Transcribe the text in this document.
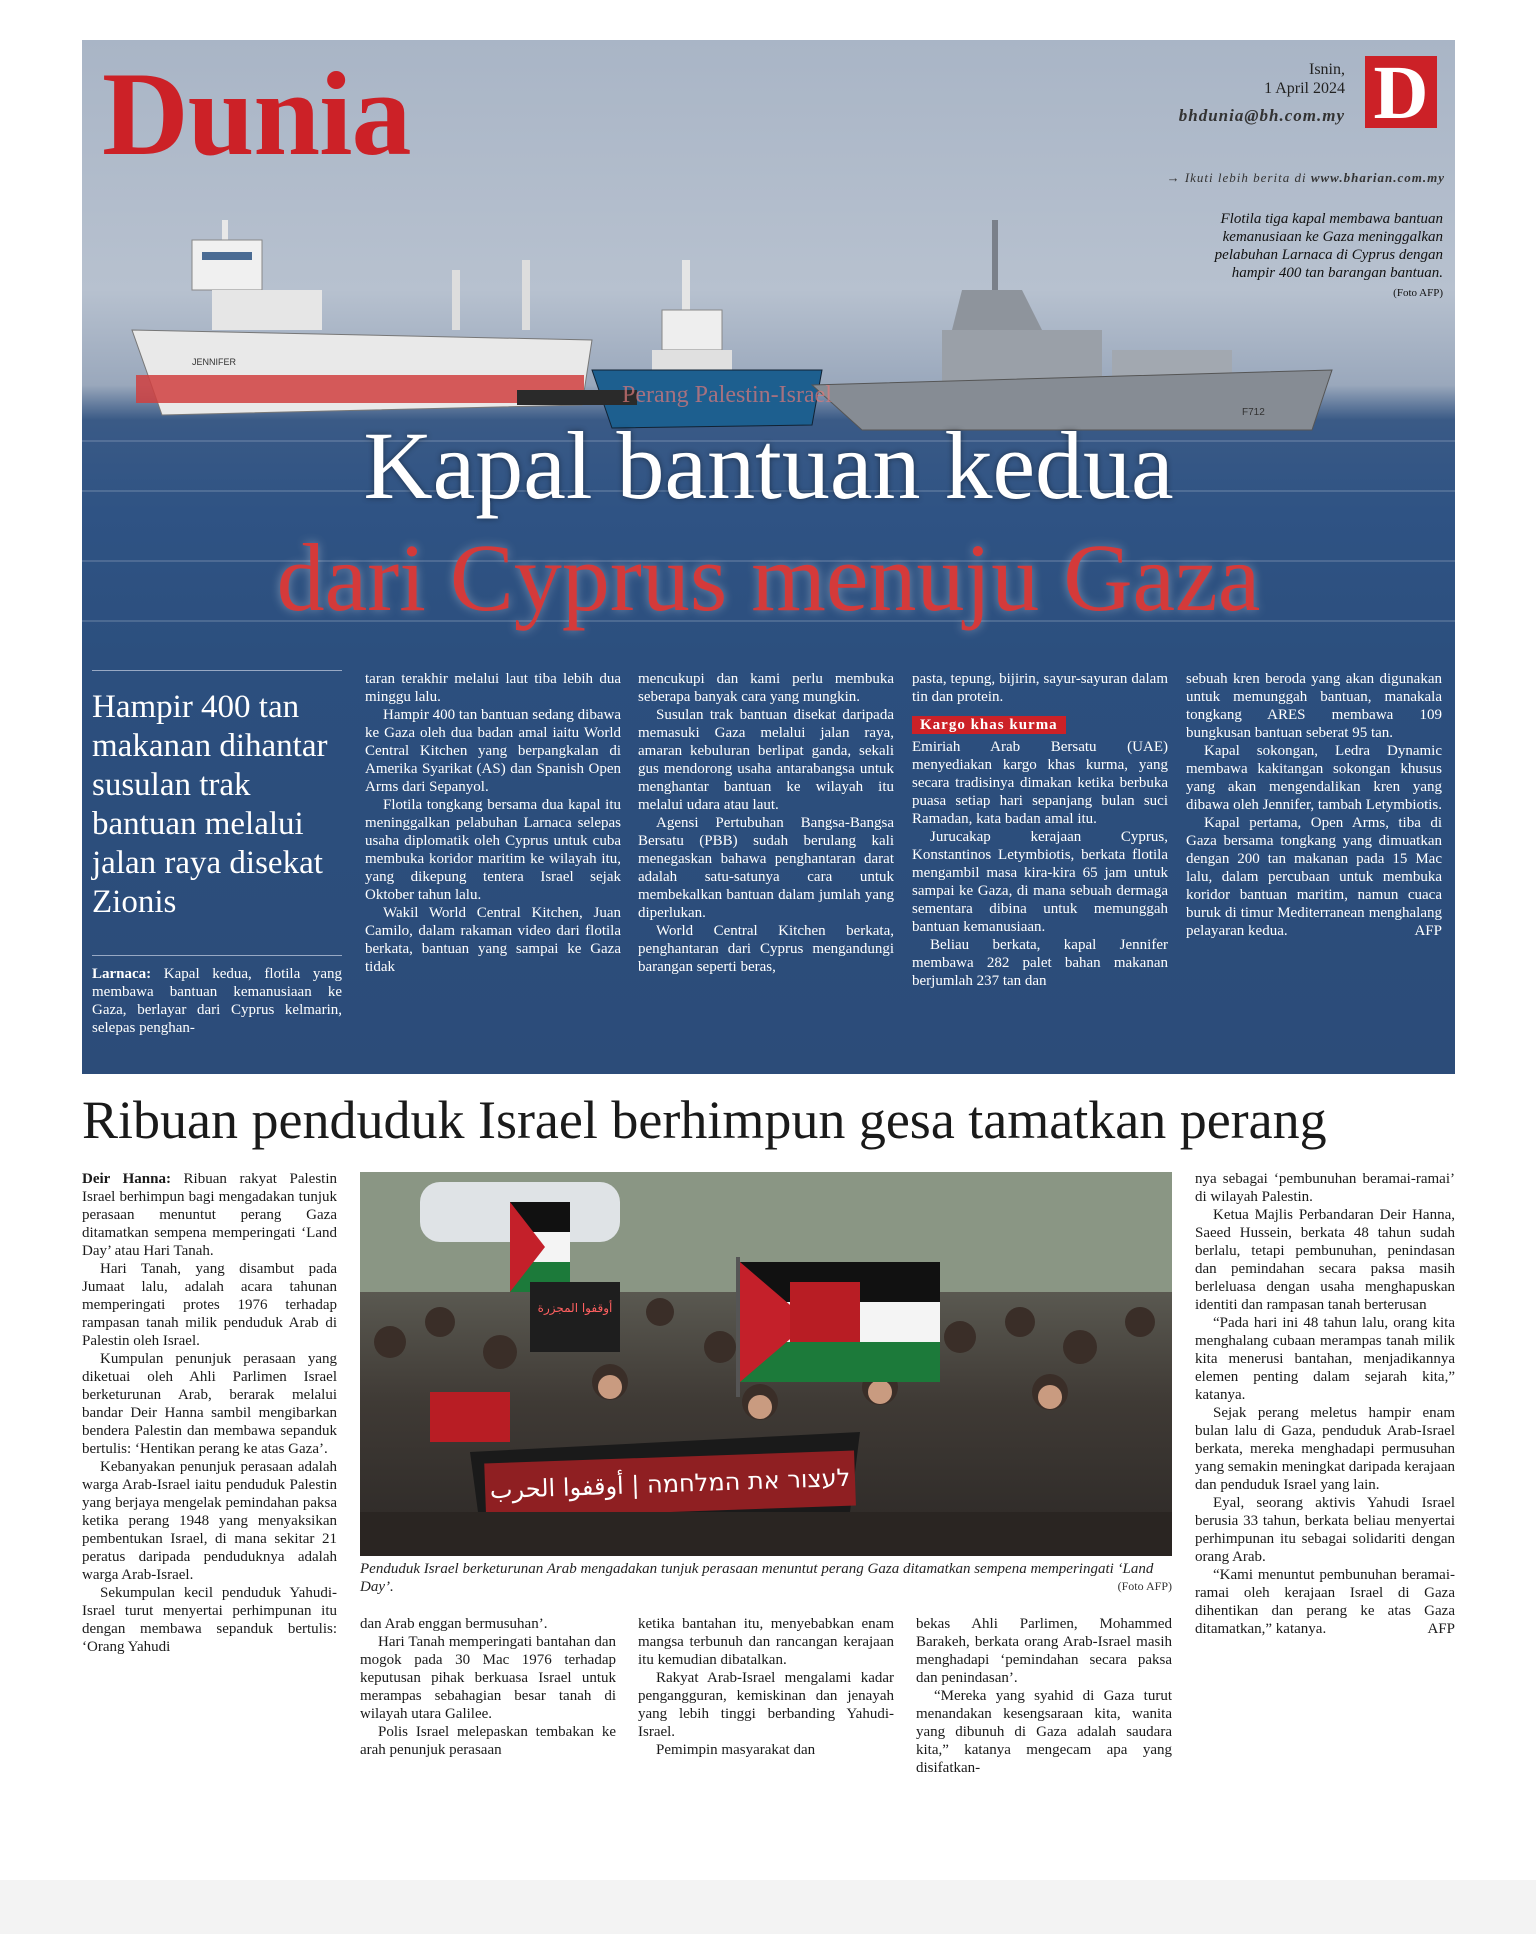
JENNIFER
F712
Dunia	Isnin,
1 April 2024
bhdunia@bh.com.my D
→ Ikuti lebih berita di www.bharian.com.my
Flotila tiga kapal membawa bantuan kemanusiaan ke Gaza meninggalkan pelabuhan Larnaca di Cyprus dengan hampir 400 tan barangan bantuan.
(Foto AFP)
Perang Palestin-Israel
Kapal bantuan kedua
dari Cyprus menuju Gaza
Hampir 400 tan makanan dihantar susulan trak bantuan melalui jalan raya disekat Zionis

Larnaca: Kapal kedua, flotila yang membawa bantuan kemanusiaan ke Gaza, berlayar dari Cyprus kelmarin, selepas penghan-

taran terakhir melalui laut tiba lebih dua minggu lalu.

Hampir 400 tan bantuan sedang dibawa ke Gaza oleh dua badan amal iaitu World Central Kitchen yang berpangkalan di Amerika Syarikat (AS) dan Spanish Open Arms dari Sepanyol.

Flotila tongkang bersama dua kapal itu meninggalkan pelabuhan Larnaca selepas usaha diplomatik oleh Cyprus untuk cuba membuka koridor maritim ke wilayah itu, yang dikepung tentera Israel sejak Oktober tahun lalu.

Wakil World Central Kitchen, Juan Camilo, dalam rakaman video dari flotila berkata, bantuan yang sampai ke Gaza tidak

mencukupi dan kami perlu membuka seberapa banyak cara yang mungkin.

Susulan trak bantuan disekat daripada memasuki Gaza melalui jalan raya, amaran kebuluran berlipat ganda, sekali gus mendorong usaha antarabangsa untuk menghantar bantuan ke wilayah itu melalui udara atau laut.

Agensi Pertubuhan Bangsa-Bangsa Bersatu (PBB) sudah berulang kali menegaskan bahawa penghantaran darat adalah satu-satunya cara untuk membekalkan bantuan dalam jumlah yang diperlukan.

World Central Kitchen berkata, penghantaran dari Cyprus mengandungi barangan seperti beras,

pasta, tepung, bijirin, sayur-sayuran dalam tin dan protein.

Kargo khas kurma

Emiriah Arab Bersatu (UAE) menyediakan kargo khas kurma, yang secara tradisinya dimakan ketika berbuka puasa setiap hari sepanjang bulan suci Ramadan, kata badan amal itu.

Jurucakap kerajaan Cyprus, Konstantinos Letymbiotis, berkata flotila mengambil masa kira-kira 65 jam untuk sampai ke Gaza, di mana sebuah dermaga sementara dibina untuk memunggah bantuan kemanusiaan.

Beliau berkata, kapal Jennifer membawa 282 palet bahan makanan berjumlah 237 tan dan

sebuah kren beroda yang akan digunakan untuk memunggah bantuan, manakala tongkang ARES membawa 109 bungkusan bantuan seberat 95 tan.

Kapal sokongan, Ledra Dynamic membawa kakitangan sokongan khusus yang akan mengendalikan kren yang dibawa oleh Jennifer, tambah Letymbiotis.

Kapal pertama, Open Arms, tiba di Gaza bersama tongkang yang dimuatkan dengan 200 tan makanan pada 15 Mac lalu, dalam percubaan untuk membuka koridor bantuan maritim, namun cuaca buruk di timur Mediterranean menghalang pelayaran kedua.	AFP

Ribuan penduduk Israel berhimpun gesa tamatkan perang

Deir Hanna: Ribuan rakyat Palestin Israel berhimpun bagi mengadakan tunjuk perasaan menuntut perang Gaza ditamatkan sempena memperingati ‘Land Day’ atau Hari Tanah.

Hari Tanah, yang disambut pada Jumaat lalu, adalah acara tahunan memperingati protes 1976 terhadap rampasan tanah milik penduduk Arab di Palestin oleh Israel.

Kumpulan penunjuk perasaan yang diketuai oleh Ahli Parlimen Israel berketurunan Arab, berarak melalui bandar Deir Hanna sambil mengibarkan bendera Palestin dan membawa sepanduk bertulis: ‘Hentikan perang ke atas Gaza’.

Kebanyakan penunjuk perasaan adalah warga Arab-Israel iaitu penduduk Palestin yang berjaya mengelak pemindahan paksa ketika perang 1948 yang menyaksikan pembentukan Israel, di mana sekitar 21 peratus daripada penduduknya adalah warga Arab-Israel.

Sekumpulan kecil penduduk Yahudi-Israel turut menyertai perhimpunan itu dengan membawa sepanduk bertulis: ‘Orang Yahudi

أوقفوا المجزرة
לעצור את המלחמה | أوقفوا الحرب
Penduduk Israel berketurunan Arab mengadakan tunjuk perasaan menuntut perang Gaza ditamatkan sempena memperingati ‘Land Day’.	(Foto AFP)

dan Arab enggan bermusuhan’.

Hari Tanah memperingati bantahan dan mogok pada 30 Mac 1976 terhadap keputusan pihak berkuasa Israel untuk merampas sebahagian besar tanah di wilayah utara Galilee.

Polis Israel melepaskan tembakan ke arah penunjuk perasaan

ketika bantahan itu, menyebabkan enam mangsa terbunuh dan rancangan kerajaan itu kemudian dibatalkan.

Rakyat Arab-Israel mengalami kadar pengangguran, kemiskinan dan jenayah yang lebih tinggi berbanding Yahudi-Israel.

Pemimpin masyarakat dan

bekas Ahli Parlimen, Mohammed Barakeh, berkata orang Arab-Israel masih menghadapi ‘pemindahan secara paksa dan penindasan’.

“Mereka yang syahid di Gaza turut menandakan kesengsaraan kita, wanita yang dibunuh di Gaza adalah saudara kita,” katanya mengecam apa yang disifatkan-

nya sebagai ‘pembunuhan beramai-ramai’ di wilayah Palestin.

Ketua Majlis Perbandaran Deir Hanna, Saeed Hussein, berkata 48 tahun sudah berlalu, tetapi pembunuhan, penindasan dan pemindahan secara paksa masih berleluasa dengan usaha menghapuskan identiti dan rampasan tanah berterusan

“Pada hari ini 48 tahun lalu, orang kita menghalang cubaan merampas tanah milik kita menerusi bantahan, menjadikannya elemen penting dalam sejarah kita,” katanya.

Sejak perang meletus hampir enam bulan lalu di Gaza, penduduk Arab-Israel berkata, mereka menghadapi permusuhan yang semakin meningkat daripada kerajaan dan penduduk Israel yang lain.

Eyal, seorang aktivis Yahudi Israel berusia 33 tahun, berkata beliau menyertai perhimpunan itu sebagai solidariti dengan orang Arab.

“Kami menuntut pembunuhan beramai-ramai oleh kerajaan Israel di Gaza dihentikan dan perang ke atas Gaza ditamatkan,” katanya.	AFP
